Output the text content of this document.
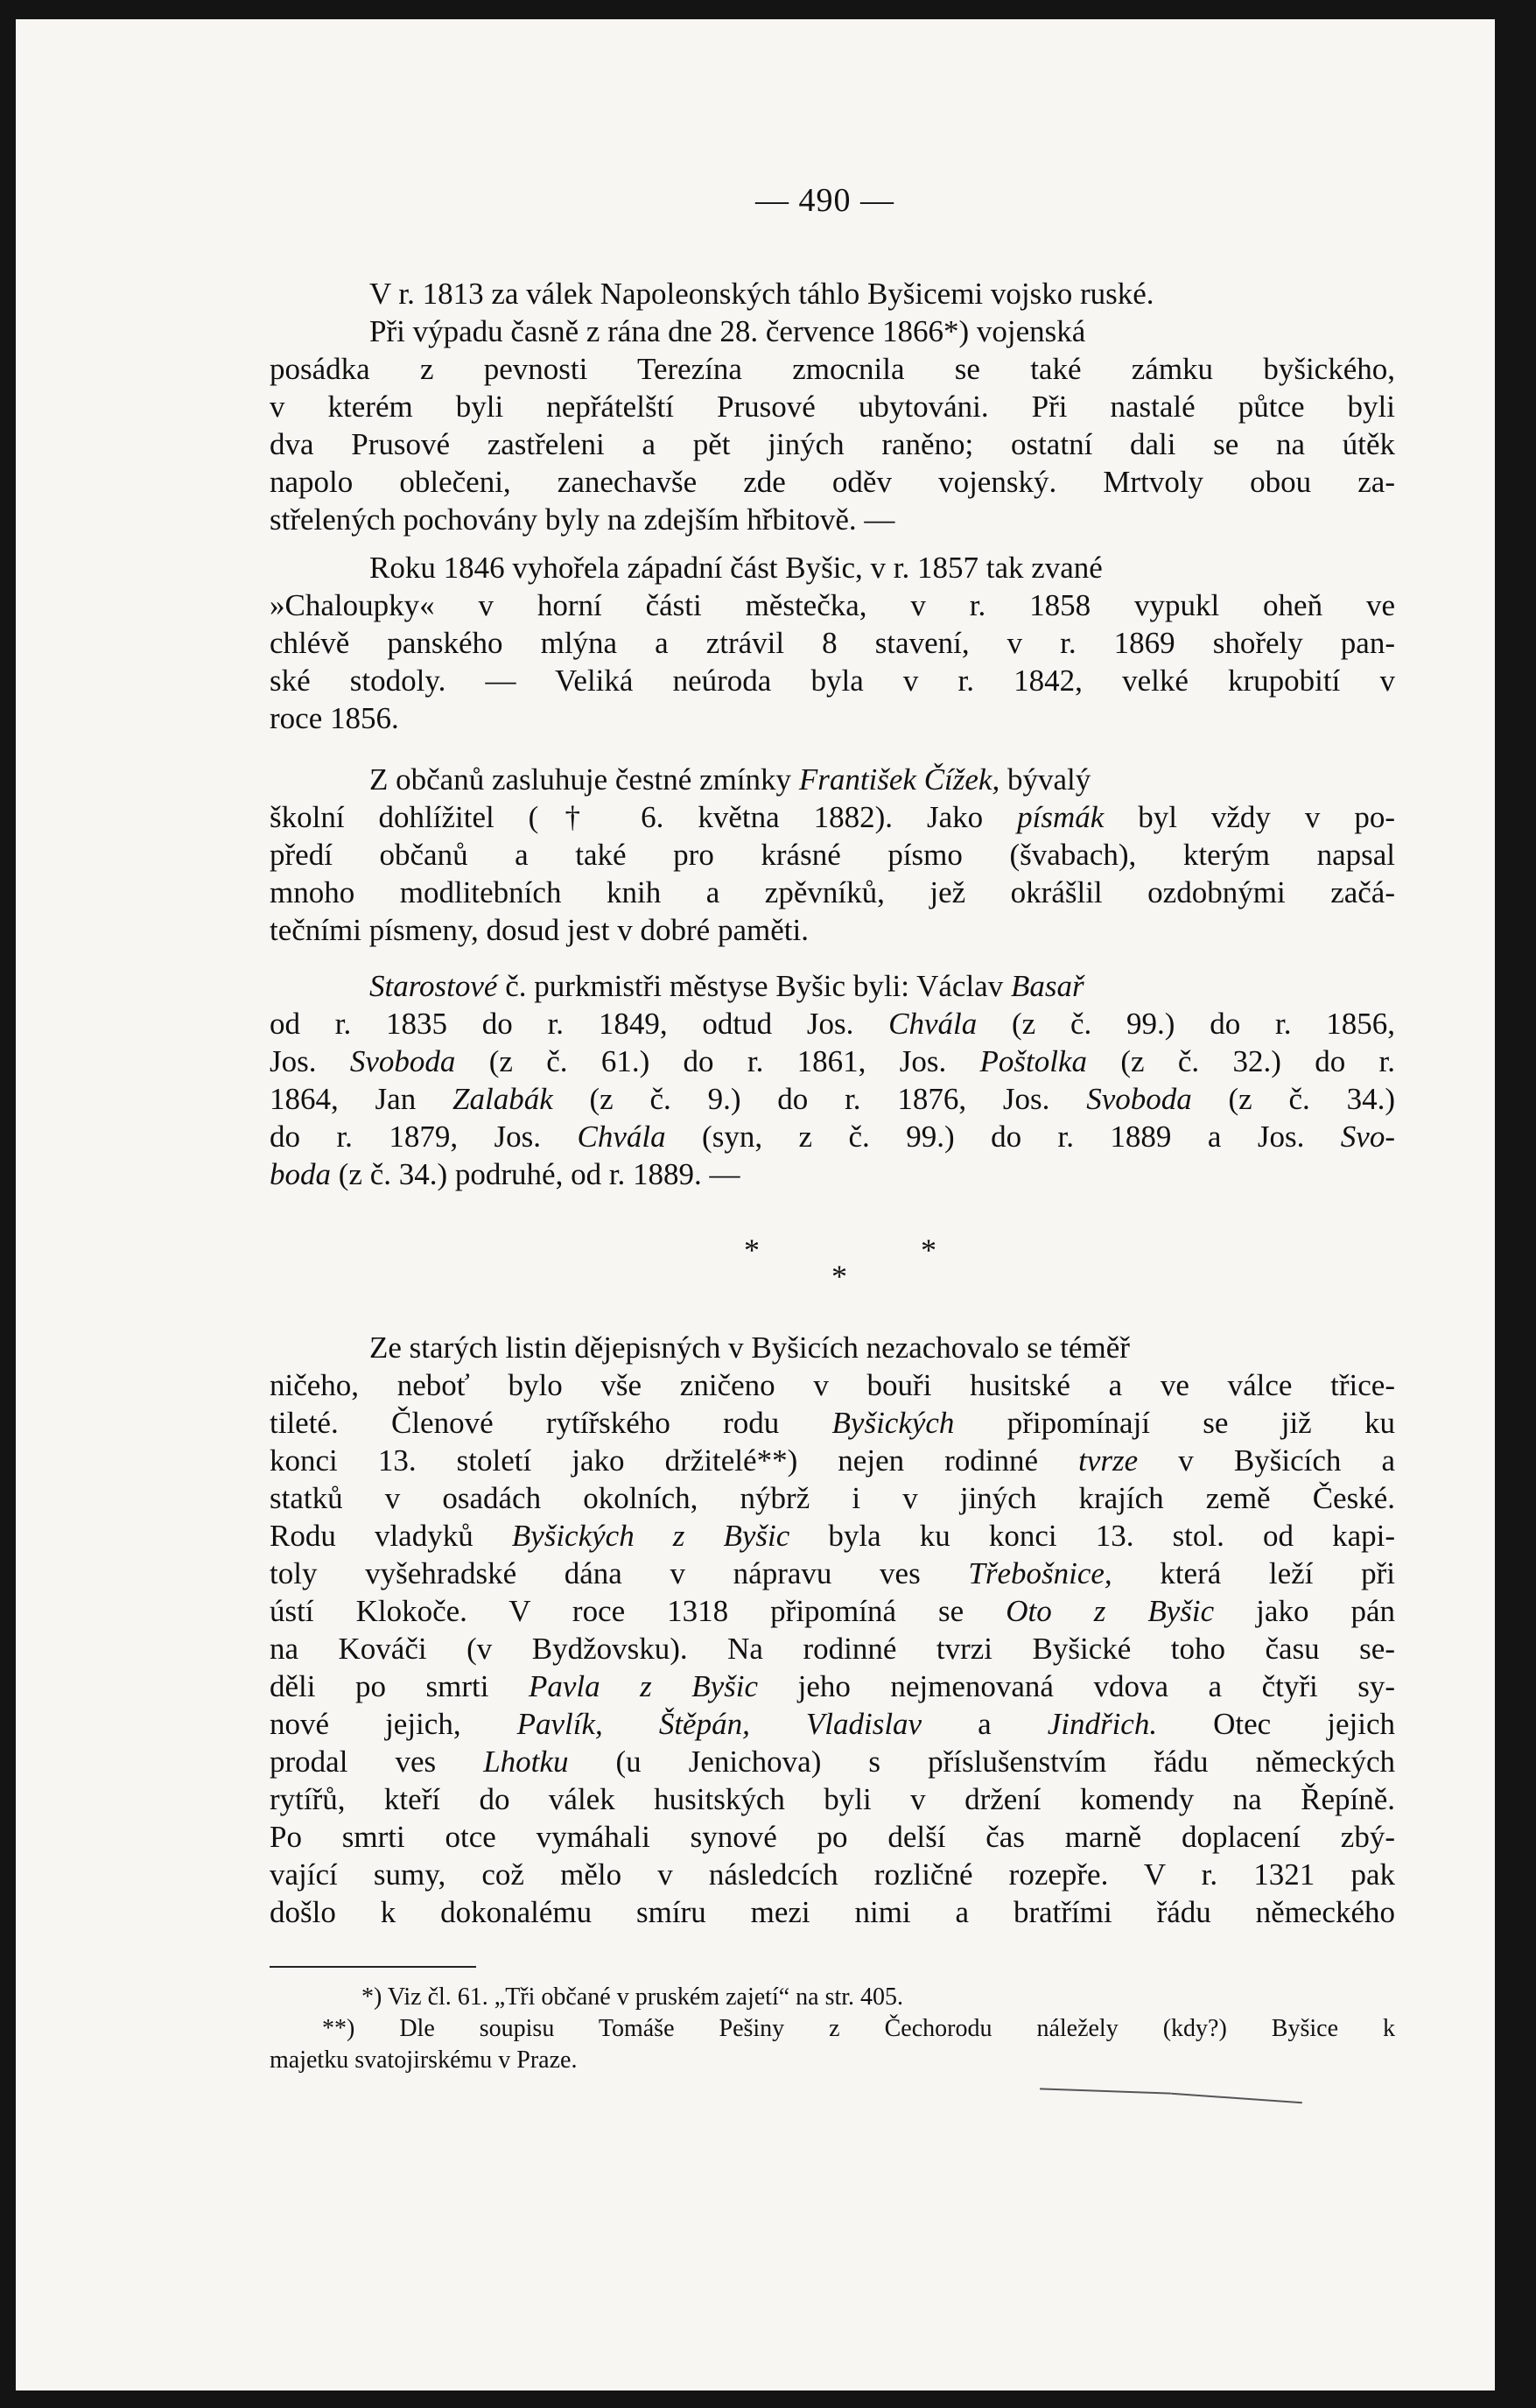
— 490 —
V r. 1813 za válek Napoleonských táhlo Byšicemi vojsko ruské.
Při výpadu časně z rána dne 28. července 1866*) vojenská
posádka z pevnosti Terezína zmocnila se také zámku byšického,
v kterém byli nepřátelští Prusové ubytováni. Při nastalé půtce byli
dva Prusové zastřeleni a pět jiných raněno; ostatní dali se na útěk
napolo oblečeni, zanechavše zde oděv vojenský. Mrtvoly obou za-
střelených pochovány byly na zdejším hřbitově. —
Roku 1846 vyhořela západní část Byšic, v r. 1857 tak zvané
»Chaloupky« v horní části městečka, v r. 1858 vypukl oheň ve
chlévě panského mlýna a ztrávil 8 stavení, v r. 1869 shořely pan-
ské stodoly. — Veliká neúroda byla v r. 1842, velké krupobití v
roce 1856.
Z občanů zasluhuje čestné zmínky František Čížek, bývalý
školní dohlížitel († 6. května 1882). Jako písmák byl vždy v po-
předí občanů a také pro krásné písmo (švabach), kterým napsal
mnoho modlitebních knih a zpěvníků, jež okrášlil ozdobnými začá-
tečními písmeny, dosud jest v dobré paměti.
Starostové č. purkmistři městyse Byšic byli: Václav Basař
od r. 1835 do r. 1849, odtud Jos. Chvála (z č. 99.) do r. 1856,
Jos. Svoboda (z č. 61.) do r. 1861, Jos. Poštolka (z č. 32.) do r.
1864, Jan Zalabák (z č. 9.) do r. 1876, Jos. Svoboda (z č. 34.)
do r. 1879, Jos. Chvála (syn, z č. 99.) do r. 1889 a Jos. Svo-
boda (z č. 34.) podruhé, od r. 1889. —
*	*
*
Ze starých listin dějepisných v Byšicích nezachovalo se téměř
ničeho, neboť bylo vše zničeno v bouři husitské a ve válce třice-
tileté. Členové rytířského rodu Byšických připomínají se již ku
konci 13. století jako držitelé**) nejen rodinné tvrze v Byšicích a
statků v osadách okolních, nýbrž i v jiných krajích země České.
Rodu vladyků Byšických z Byšic byla ku konci 13. stol. od kapi-
toly vyšehradské dána v nápravu ves Třebošnice, která leží při
ústí Klokoče. V roce 1318 připomíná se Oto z Byšic jako pán
na Kováči (v Bydžovsku). Na rodinné tvrzi Byšické toho času se-
děli po smrti Pavla z Byšic jeho nejmenovaná vdova a čtyři sy-
nové jejich, Pavlík, Štěpán, Vladislav a Jindřich. Otec jejich
prodal ves Lhotku (u Jenichova) s příslušenstvím řádu německých
rytířů, kteří do válek husitských byli v držení komendy na Řepíně.
Po smrti otce vymáhali synové po delší čas marně doplacení zbý-
vající sumy, což mělo v následcích rozličné rozepře. V r. 1321 pak
došlo k dokonalému smíru mezi nimi a bratřími řádu německého
*) Viz čl. 61. „Tři občané v pruském zajetí“ na str. 405.
**) Dle soupisu Tomáše Pešiny z Čechorodu náležely (kdy?) Byšice k
majetku svatojirskému v Praze.
